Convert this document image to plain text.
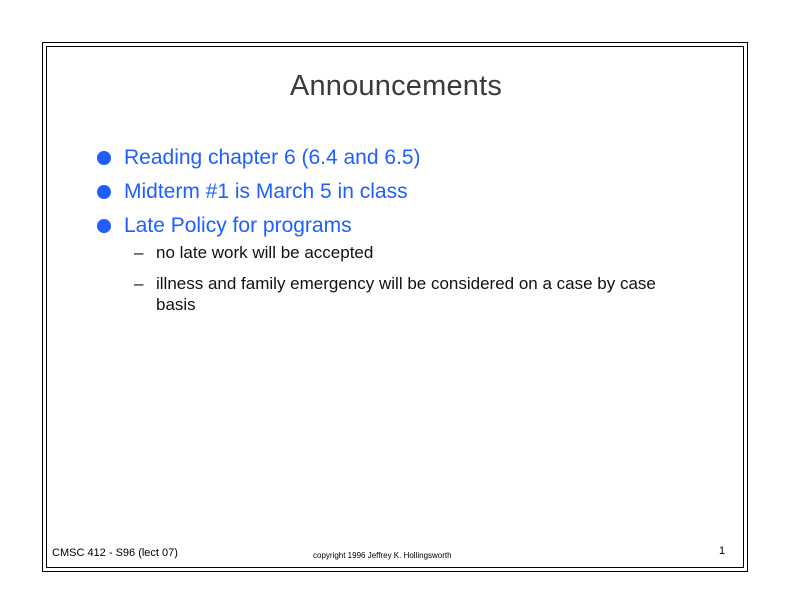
Announcements
Reading chapter 6 (6.4 and 6.5)
Midterm #1 is March 5 in class
Late Policy for programs
– no late work will be accepted
– illness and family emergency will be considered on a case by case basis
CMSC 412 - S96 (lect 07)	copyright 1996 Jeffrey K. Hollingsworth	1
